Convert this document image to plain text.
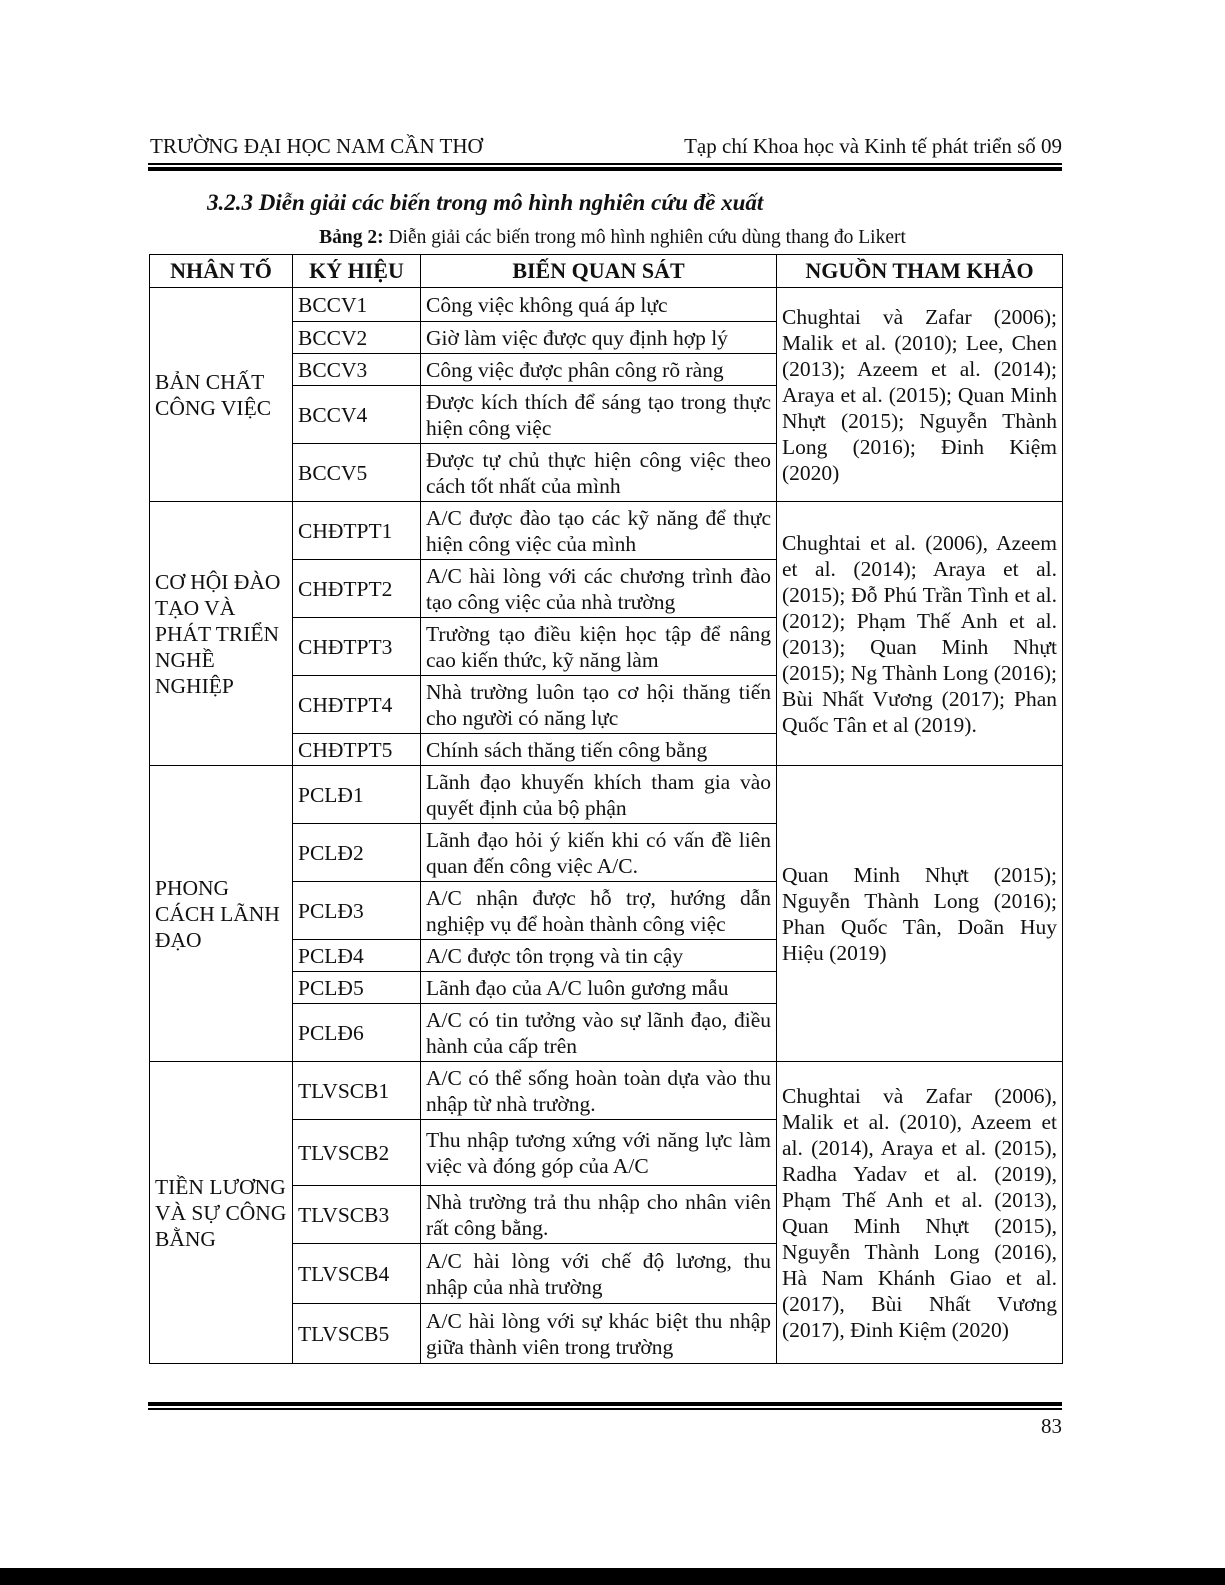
TRƯỜNG ĐẠI HỌC NAM CẦN THƠ	Tạp chí Khoa học và Kinh tế phát triển số 09
3.2.3 Diễn giải các biến trong mô hình nghiên cứu đề xuất
Bảng 2: Diễn giải các biến trong mô hình nghiên cứu dùng thang đo Likert
NHÂN TỐ	KÝ HIỆU	BIẾN QUAN SÁT	NGUỒN THAM KHẢO
BẢN CHẤT CÔNG VIỆC	BCCV1	Công việc không quá áp lực	Chughtai và Zafar (2006); Malik et al. (2010); Lee, Chen (2013); Azeem et al. (2014); Araya et al. (2015); Quan Minh Nhựt (2015); Nguyễn Thành Long (2016); Đinh Kiệm (2020)
	BCCV2	Giờ làm việc được quy định hợp lý	
	BCCV3	Công việc được phân công rõ ràng	
	BCCV4	Được kích thích để sáng tạo trong thực hiện công việc	
	BCCV5	Được tự chủ thực hiện công việc theo cách tốt nhất của mình	
CƠ HỘI ĐÀO TẠO VÀ PHÁT TRIỂN NGHỀ NGHIỆP	CHĐTPT1	A/C được đào tạo các kỹ năng để thực hiện công việc của mình	Chughtai et al. (2006), Azeem et al. (2014); Araya et al. (2015); Đỗ Phú Trần Tình et al. (2012); Phạm Thế Anh et al. (2013); Quan Minh Nhựt (2015); Ng Thành Long (2016); Bùi Nhất Vương (2017); Phan Quốc Tân et al (2019).
	CHĐTPT2	A/C hài lòng với các chương trình đào tạo công việc của nhà trường	
	CHĐTPT3	Trường tạo điều kiện học tập để nâng cao kiến thức, kỹ năng làm	
	CHĐTPT4	Nhà trường luôn tạo cơ hội thăng tiến cho người có năng lực	
	CHĐTPT5	Chính sách thăng tiến công bằng	
PHONG CÁCH LÃNH ĐẠO	PCLĐ1	Lãnh đạo khuyến khích tham gia vào quyết định của bộ phận	Quan Minh Nhựt (2015); Nguyễn Thành Long (2016); Phan Quốc Tân, Doãn Huy Hiệu (2019)
	PCLĐ2	Lãnh đạo hỏi ý kiến khi có vấn đề liên quan đến công việc A/C.	
	PCLĐ3	A/C nhận được hỗ trợ, hướng dẫn nghiệp vụ để hoàn thành công việc	
	PCLĐ4	A/C được tôn trọng và tin cậy	
	PCLĐ5	Lãnh đạo của A/C luôn gương mẫu	
	PCLĐ6	A/C có tin tưởng vào sự lãnh đạo, điều hành của cấp trên	
TIỀN LƯƠNG VÀ SỰ CÔNG BẰNG	TLVSCB1	A/C có thể sống hoàn toàn dựa vào thu nhập từ nhà trường.	Chughtai và Zafar (2006), Malik et al. (2010), Azeem et al. (2014), Araya et al. (2015), Radha Yadav et al. (2019), Phạm Thế Anh et al. (2013), Quan Minh Nhựt (2015), Nguyễn Thành Long (2016), Hà Nam Khánh Giao et al. (2017), Bùi Nhất Vương (2017), Đinh Kiệm (2020)
	TLVSCB2	Thu nhập tương xứng với năng lực làm việc và đóng góp của A/C	
	TLVSCB3	Nhà trường trả thu nhập cho nhân viên rất công bằng.	
	TLVSCB4	A/C hài lòng với chế độ lương, thu nhập của nhà trường	
	TLVSCB5	A/C hài lòng với sự khác biệt thu nhập giữa thành viên trong trường	
83
